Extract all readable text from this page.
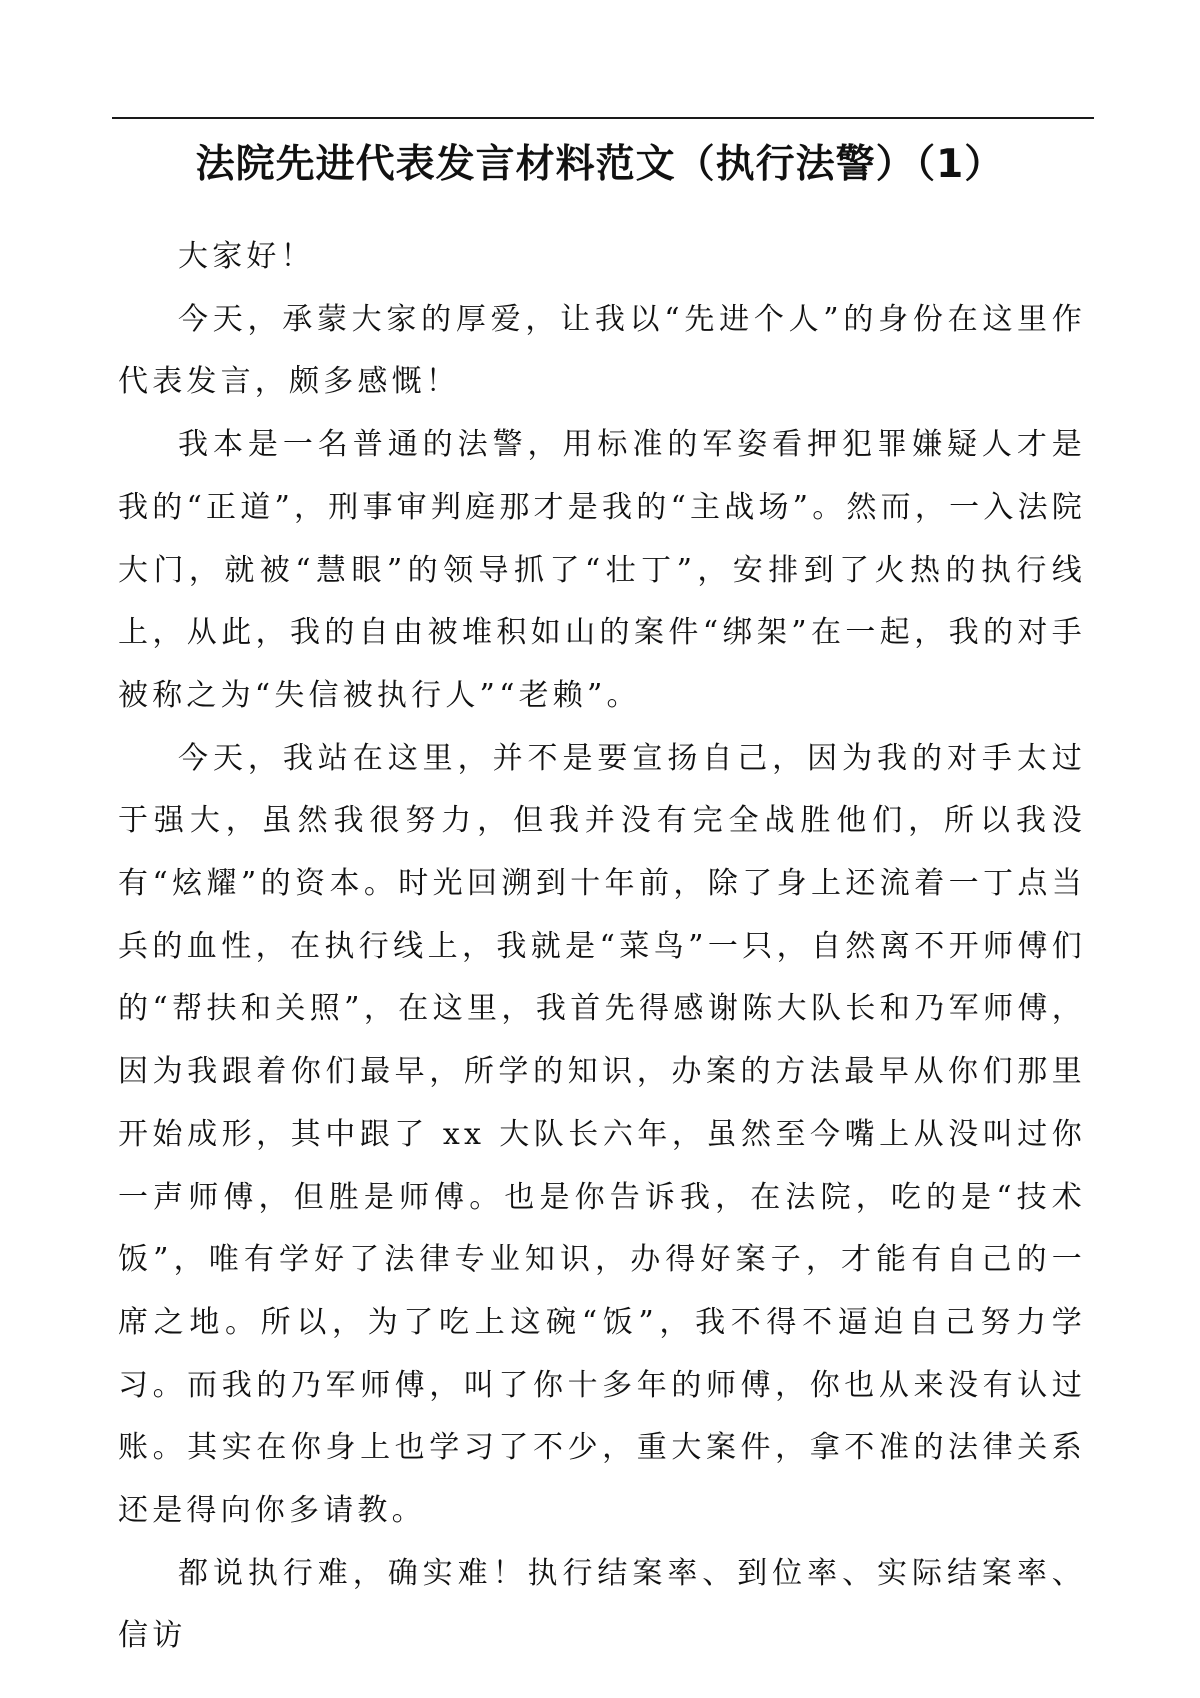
法院先进代表发言材料范文（执行法警）（1）

大家好！

今天，承蒙大家的厚爱，让我以“先进个人”的身份在这里作代表发言，颇多感慨！

我本是一名普通的法警，用标准的军姿看押犯罪嫌疑人才是我的“正道”，刑事审判庭那才是我的“主战场”。然而，一入法院大门，就被“慧眼”的领导抓了“壮丁”，安排到了火热的执行线上，从此，我的自由被堆积如山的案件“绑架”在一起，我的对手被称之为“失信被执行人”“老赖”。

今天，我站在这里，并不是要宣扬自己，因为我的对手太过于强大，虽然我很努力，但我并没有完全战胜他们，所以我没有“炫耀”的资本。时光回溯到十年前，除了身上还流着一丁点当兵的血性，在执行线上，我就是“菜鸟”一只，自然离不开师傅们的“帮扶和关照”，在这里，我首先得感谢陈大队长和乃军师傅，因为我跟着你们最早，所学的知识，办案的方法最早从你们那里开始成形，其中跟了 xx 大队长六年，虽然至今嘴上从没叫过你一声师傅，但胜是师傅。也是你告诉我，在法院，吃的是“技术饭”，唯有学好了法律专业知识，办得好案子，才能有自己的一席之地。所以，为了吃上这碗“饭”，我不得不逼迫自己努力学习。而我的乃军师傅，叫了你十多年的师傅，你也从来没有认过账。其实在你身上也学习了不少，重大案件，拿不准的法律关系还是得向你多请教。

都说执行难，确实难！执行结案率、到位率、实际结案率、信访
